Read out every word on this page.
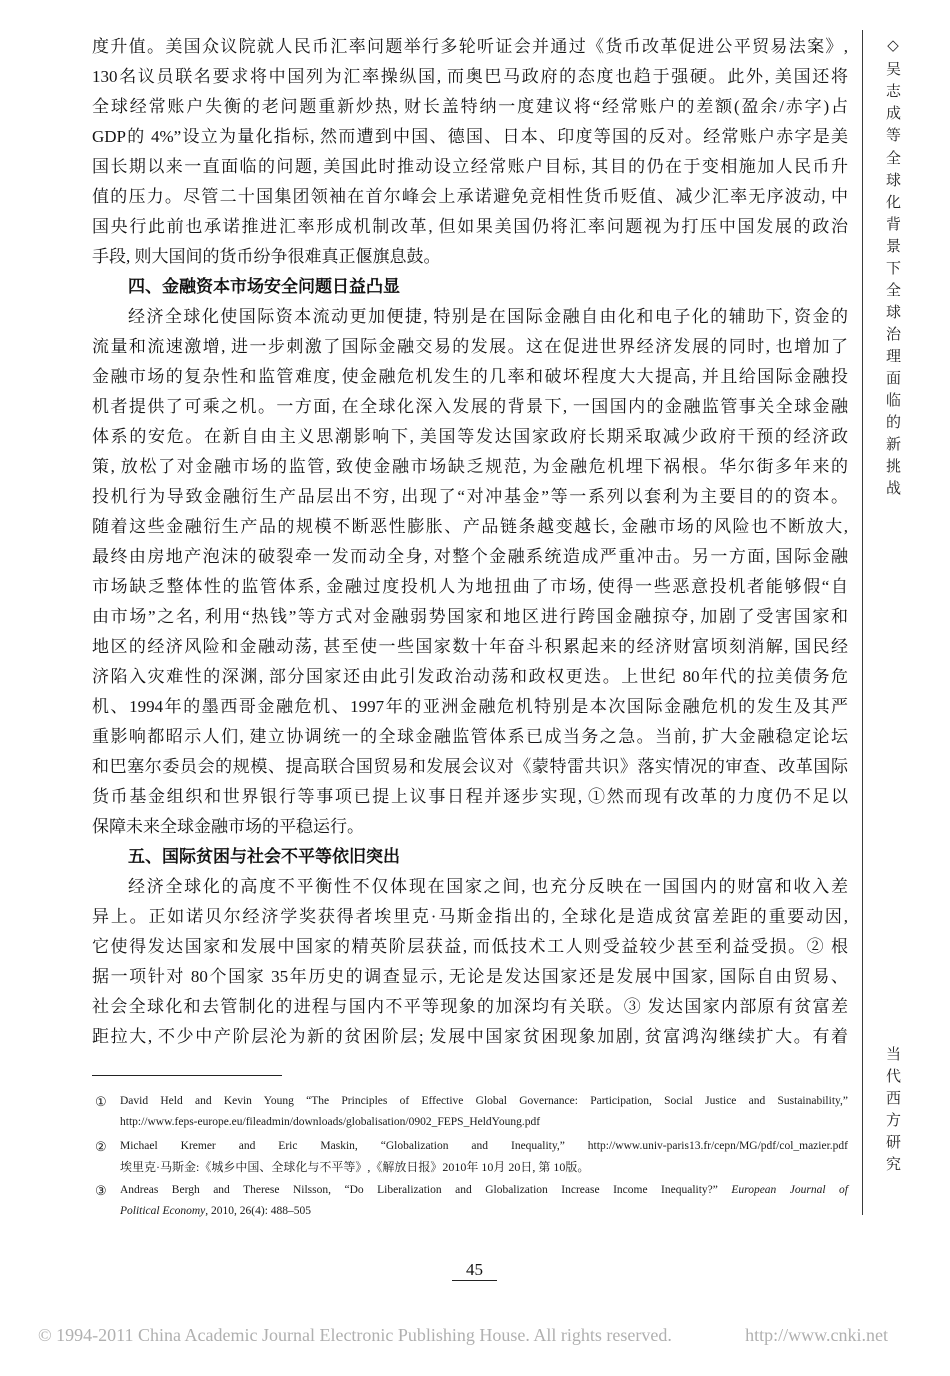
度升值。美国众议院就人民币汇率问题举行多轮听证会并通过《货币改革促进公平贸易法案》,
130名议员联名要求将中国列为汇率操纵国, 而奥巴马政府的态度也趋于强硬。此外, 美国还将
全球经常账户失衡的老问题重新炒热, 财长盖特纳一度建议将“经常账户的差额(盈余/赤字)占
GDP的 4%”设立为量化指标, 然而遭到中国、德国、日本、印度等国的反对。经常账户赤字是美
国长期以来一直面临的问题, 美国此时推动设立经常账户目标, 其目的仍在于变相施加人民币升
值的压力。尽管二十国集团领袖在首尔峰会上承诺避免竞相性货币贬值、减少汇率无序波动, 中
国央行此前也承诺推进汇率形成机制改革, 但如果美国仍将汇率问题视为打压中国发展的政治
手段, 则大国间的货币纷争很难真正偃旗息鼓。
四、金融资本市场安全问题日益凸显
经济全球化使国际资本流动更加便捷, 特别是在国际金融自由化和电子化的辅助下, 资金的
流量和流速激增, 进一步刺激了国际金融交易的发展。这在促进世界经济发展的同时, 也增加了
金融市场的复杂性和监管难度, 使金融危机发生的几率和破坏程度大大提高, 并且给国际金融投
机者提供了可乘之机。一方面, 在全球化深入发展的背景下, 一国国内的金融监管事关全球金融
体系的安危。在新自由主义思潮影响下, 美国等发达国家政府长期采取减少政府干预的经济政
策, 放松了对金融市场的监管, 致使金融市场缺乏规范, 为金融危机埋下祸根。华尔街多年来的
投机行为导致金融衍生产品层出不穷, 出现了“对冲基金”等一系列以套利为主要目的的资本。
随着这些金融衍生产品的规模不断恶性膨胀、产品链条越变越长, 金融市场的风险也不断放大,
最终由房地产泡沫的破裂牵一发而动全身, 对整个金融系统造成严重冲击。另一方面, 国际金融
市场缺乏整体性的监管体系, 金融过度投机人为地扭曲了市场, 使得一些恶意投机者能够假“自
由市场”之名, 利用“热钱”等方式对金融弱势国家和地区进行跨国金融掠夺, 加剧了受害国家和
地区的经济风险和金融动荡, 甚至使一些国家数十年奋斗积累起来的经济财富顷刻消解, 国民经
济陷入灾难性的深渊, 部分国家还由此引发政治动荡和政权更迭。上世纪 80年代的拉美债务危
机、1994年的墨西哥金融危机、1997年的亚洲金融危机特别是本次国际金融危机的发生及其严
重影响都昭示人们, 建立协调统一的全球金融监管体系已成当务之急。当前, 扩大金融稳定论坛
和巴塞尔委员会的规模、提高联合国贸易和发展会议对《蒙特雷共识》落实情况的审查、改革国际
货币基金组织和世界银行等事项已提上议事日程并逐步实现, ①然而现有改革的力度仍不足以
保障未来全球金融市场的平稳运行。
五、国际贫困与社会不平等依旧突出
经济全球化的高度不平衡性不仅体现在国家之间, 也充分反映在一国国内的财富和收入差
异上。正如诺贝尔经济学奖获得者埃里克·马斯金指出的, 全球化是造成贫富差距的重要动因,
它使得发达国家和发展中国家的精英阶层获益, 而低技术工人则受益较少甚至利益受损。② 根
据一项针对 80个国家 35年历史的调查显示, 无论是发达国家还是发展中国家, 国际自由贸易、
社会全球化和去管制化的进程与国内不平等现象的加深均有关联。③ 发达国家内部原有贫富差
距拉大, 不少中产阶层沦为新的贫困阶层; 发展中国家贫困现象加剧, 贫富鸿沟继续扩大。有着
◇吴志成等
全球化背景下全球治理面临的新挑战
当代西方研究
① David Held and Kevin Young “The Principles of Effective Global Governance: Participation, Social Justice and Sustainability,”
http://www.feps-europe.eu/fileadmin/downloads/globalisation/0902_FEPS_HeldYoung.pdf
② Michael Kremer and Eric Maskin, “Globalization and Inequality,” http://www.univ-paris13.fr/cepn/MG/pdf/col_mazier.pdf
埃里克·马斯金:《城乡中国、全球化与不平等》,《解放日报》2010年 10月 20日, 第 10版。
③ Andreas Bergh and Therese Nilsson, “Do Liberalization and Globalization Increase Income Inequality?” European Journal of
Political Economy, 2010, 26(4): 488–505
45
© 1994-2011 China Academic Journal Electronic Publishing House. All rights reserved.	http://www.cnki.net
